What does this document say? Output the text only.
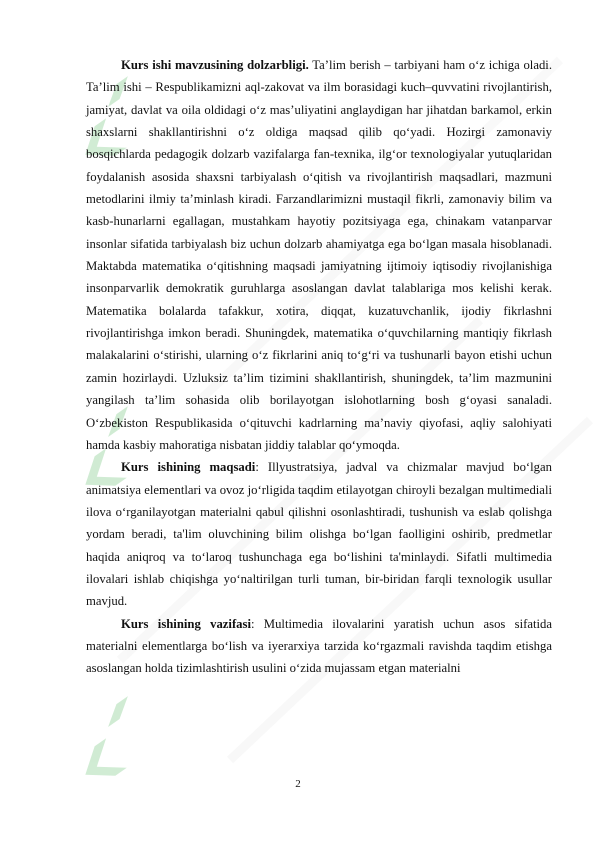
Kurs ishi mavzusining dolzarbligi. Ta’lim berish – tarbiyani ham o‘z ichiga oladi. Ta’lim ishi – Respublikamizni aql-zakovat va ilm borasidagi kuch–quvvatini rivojlantirish, jamiyat, davlat va oila oldidagi o‘z mas’uliyatini anglaydigan har jihatdan barkamol, erkin shaxslarni shakllantirishni o‘z oldiga maqsad qilib qo‘yadi. Hozirgi zamonaviy bosqichlarda pedagogik dolzarb vazifalarga fan-texnika, ilg‘or texnologiyalar yutuqlaridan foydalanish asosida shaxsni tarbiyalash o‘qitish va rivojlantirish maqsadlari, mazmuni metodlarini ilmiy ta’minlash kiradi. Farzandlarimizni mustaqil fikrli, zamonaviy bilim va kasb-hunarlarni egallagan, mustahkam hayotiy pozitsiyaga ega, chinakam vatanparvar insonlar sifatida tarbiyalash biz uchun dolzarb ahamiyatga ega bo‘lgan masala hisoblanadi. Maktabda matematika o‘qitishning maqsadi jamiyatning ijtimoiy iqtisodiy rivojlanishiga insonparvarlik demokratik guruhlarga asoslangan davlat talablariga mos kelishi kerak. Matematika bolalarda tafakkur, xotira, diqqat, kuzatuvchanlik, ijodiy fikrlashni rivojlantirishga imkon beradi. Shuningdek, matematika o‘quvchilarning mantiqiy fikrlash malakalarini o‘stirishi, ularning o‘z fikrlarini aniq to‘g‘ri va tushunarli bayon etishi uchun zamin hozirlaydi. Uzluksiz ta’lim tizimini shakllantirish, shuningdek, ta’lim mazmunini yangilash ta’lim sohasida olib borilayotgan islohotlarning bosh g‘oyasi sanaladi. O‘zbekiston Respublikasida o‘qituvchi kadrlarning ma’naviy qiyofasi, aqliy salohiyati hamda kasbiy mahoratiga nisbatan jiddiy talablar qo‘ymoqda.

Kurs ishining maqsadi: Illyustratsiya, jadval va chizmalar mavjud bo‘lgan animatsiya elementlari va ovoz jo‘rligida taqdim etilayotgan chiroyli bezalgan multimediali ilova o‘rganilayotgan materialni qabul qilishni osonlashtiradi, tushunish va eslab qolishga yordam beradi, ta'lim oluvchining bilim olishga bo‘lgan faolligini oshirib, predmetlar haqida aniqroq va to‘laroq tushunchaga ega bo‘lishini ta'minlaydi. Sifatli multimedia ilovalari ishlab chiqishga yo‘naltirilgan turli tuman, bir-biridan farqli texnologik usullar mavjud.

Kurs ishining vazifasi: Multimedia ilovalarini yaratish uchun asos sifatida materialni elementlarga bo‘lish va iyerarxiya tarzida ko‘rgazmali ravishda taqdim etishga asoslangan holda tizimlashtirish usulini o‘zida mujassam etgan materialni

2
